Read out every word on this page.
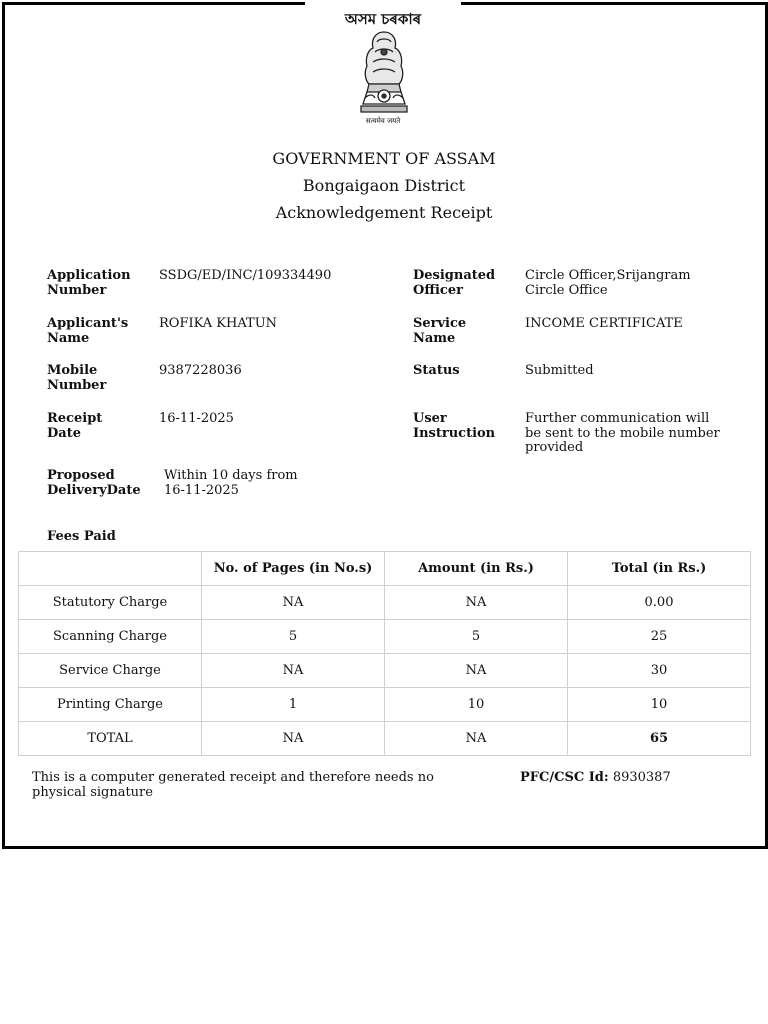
অসম চৰকাৰ
सत्यमेव जयते
GOVERNMENT OF ASSAM
Bongaigaon District
Acknowledgement Receipt
Application Number
SSDG/ED/INC/109334490
Applicant's Name
ROFIKA KHATUN
Mobile Number
9387228036
Receipt Date
16-11-2025
Proposed DeliveryDate
Within 10 days from 16-11-2025
Designated Officer
Circle Officer,Srijangram Circle Office
Service Name
INCOME CERTIFICATE
Status	Submitted
User Instruction
Further communication will be sent to the mobile number provided
Fees Paid
	No. of Pages (in No.s)	Amount (in Rs.)	Total (in Rs.)
Statutory Charge	NA	NA	0.00
Scanning Charge	5	5	25
Service Charge	NA	NA	30
Printing Charge	1	10	10
TOTAL	NA	NA	65
This is a computer generated receipt and therefore needs no physical signature
PFC/CSC Id: 8930387
